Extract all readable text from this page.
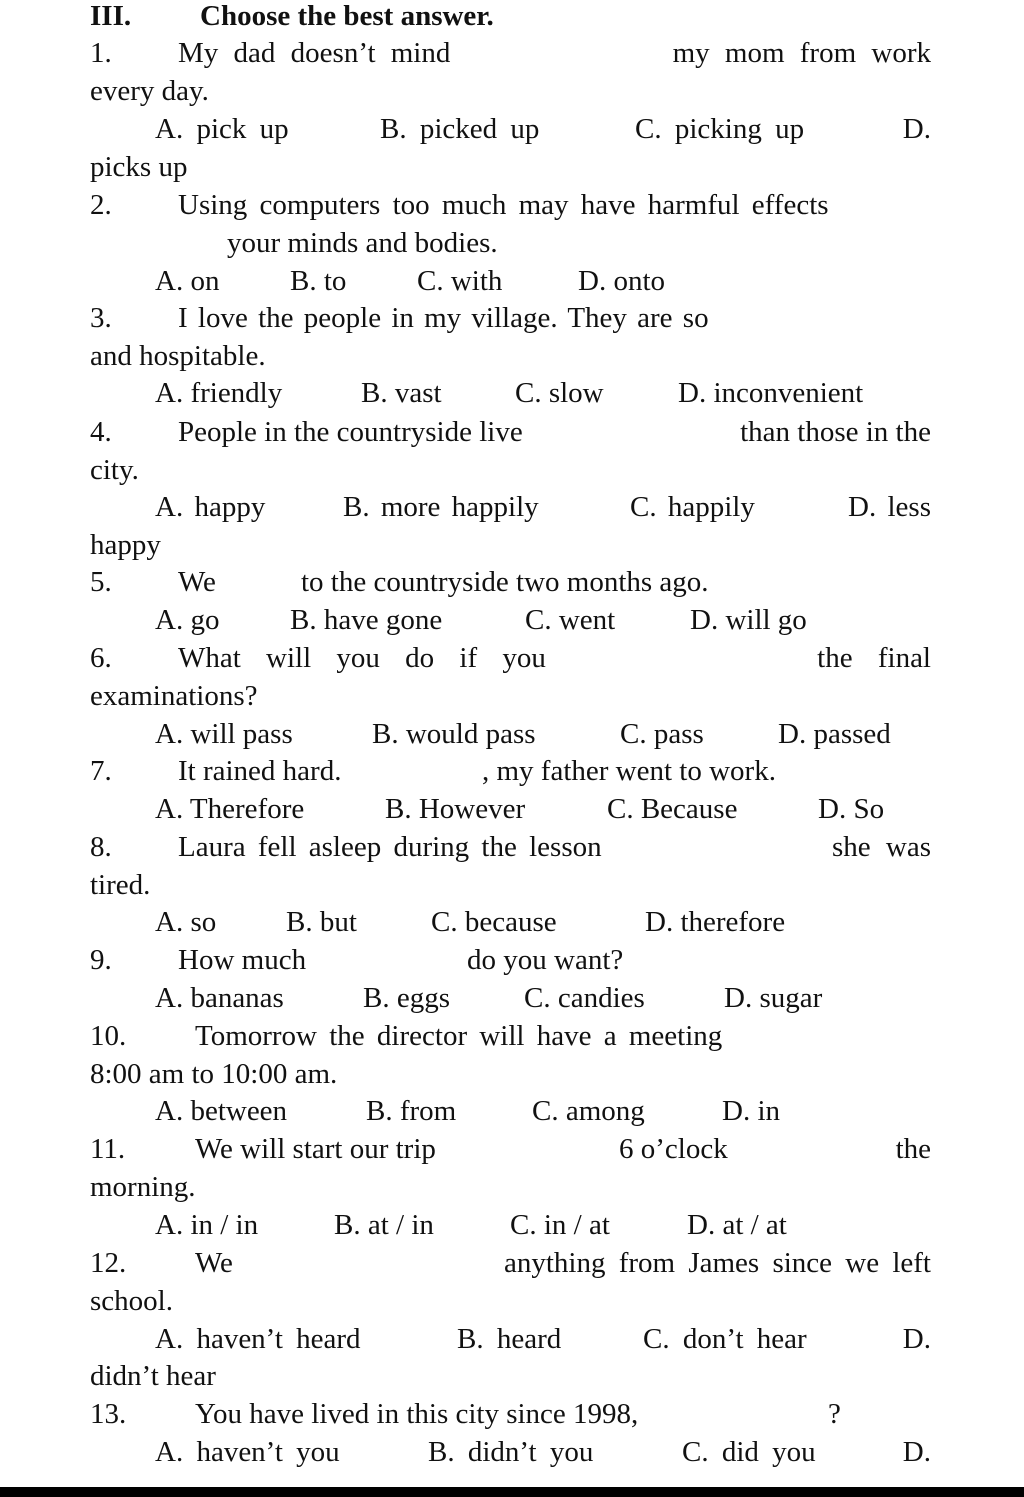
III. Choose the best answer.
1. My dad doesn’t mind	my mom from work
every day.
A. pick up	B. picked up	C. picking up	D.
picks up
2. Using computers too much may have harmful effects
your minds and bodies.
A. on B. to C. with	D. onto
3. I love the people in my village. They are so
and hospitable.
A. friendly	B. vast	C. slow	D. inconvenient
4. People in the countryside live	than those in the
city.
A. happy	B. more happily	C. happily	D. less
happy
5. We	to the countryside two months ago.
A. go B. have gone	C. went	D. will go
6. What will you do if you	the final
examinations?
A. will pass	B. would pass	C. pass	D. passed
7. It rained hard.	, my father went to work.
A. Therefore	B. However	C. Because	D. So
8. Laura fell asleep during the lesson	she was
tired.
A. so B. but	C. because	D. therefore
9. How much	do you want?
A. bananas	B. eggs	C. candies	D. sugar
10. Tomorrow the director will have a meeting
8:00 am to 10:00 am.
A. between	B. from	C. among	D. in
11. We will start our trip	6 o’clock	the
morning.
A. in / in	B. at / in	C. in / at	D. at / at
12. We	anything from James since we left
school.
A. haven’t heard	B. heard	C. don’t hear	D.
didn’t hear
13. You have lived in this city since 1998,	?
A. haven’t you	B. didn’t you	C. did you	D.
